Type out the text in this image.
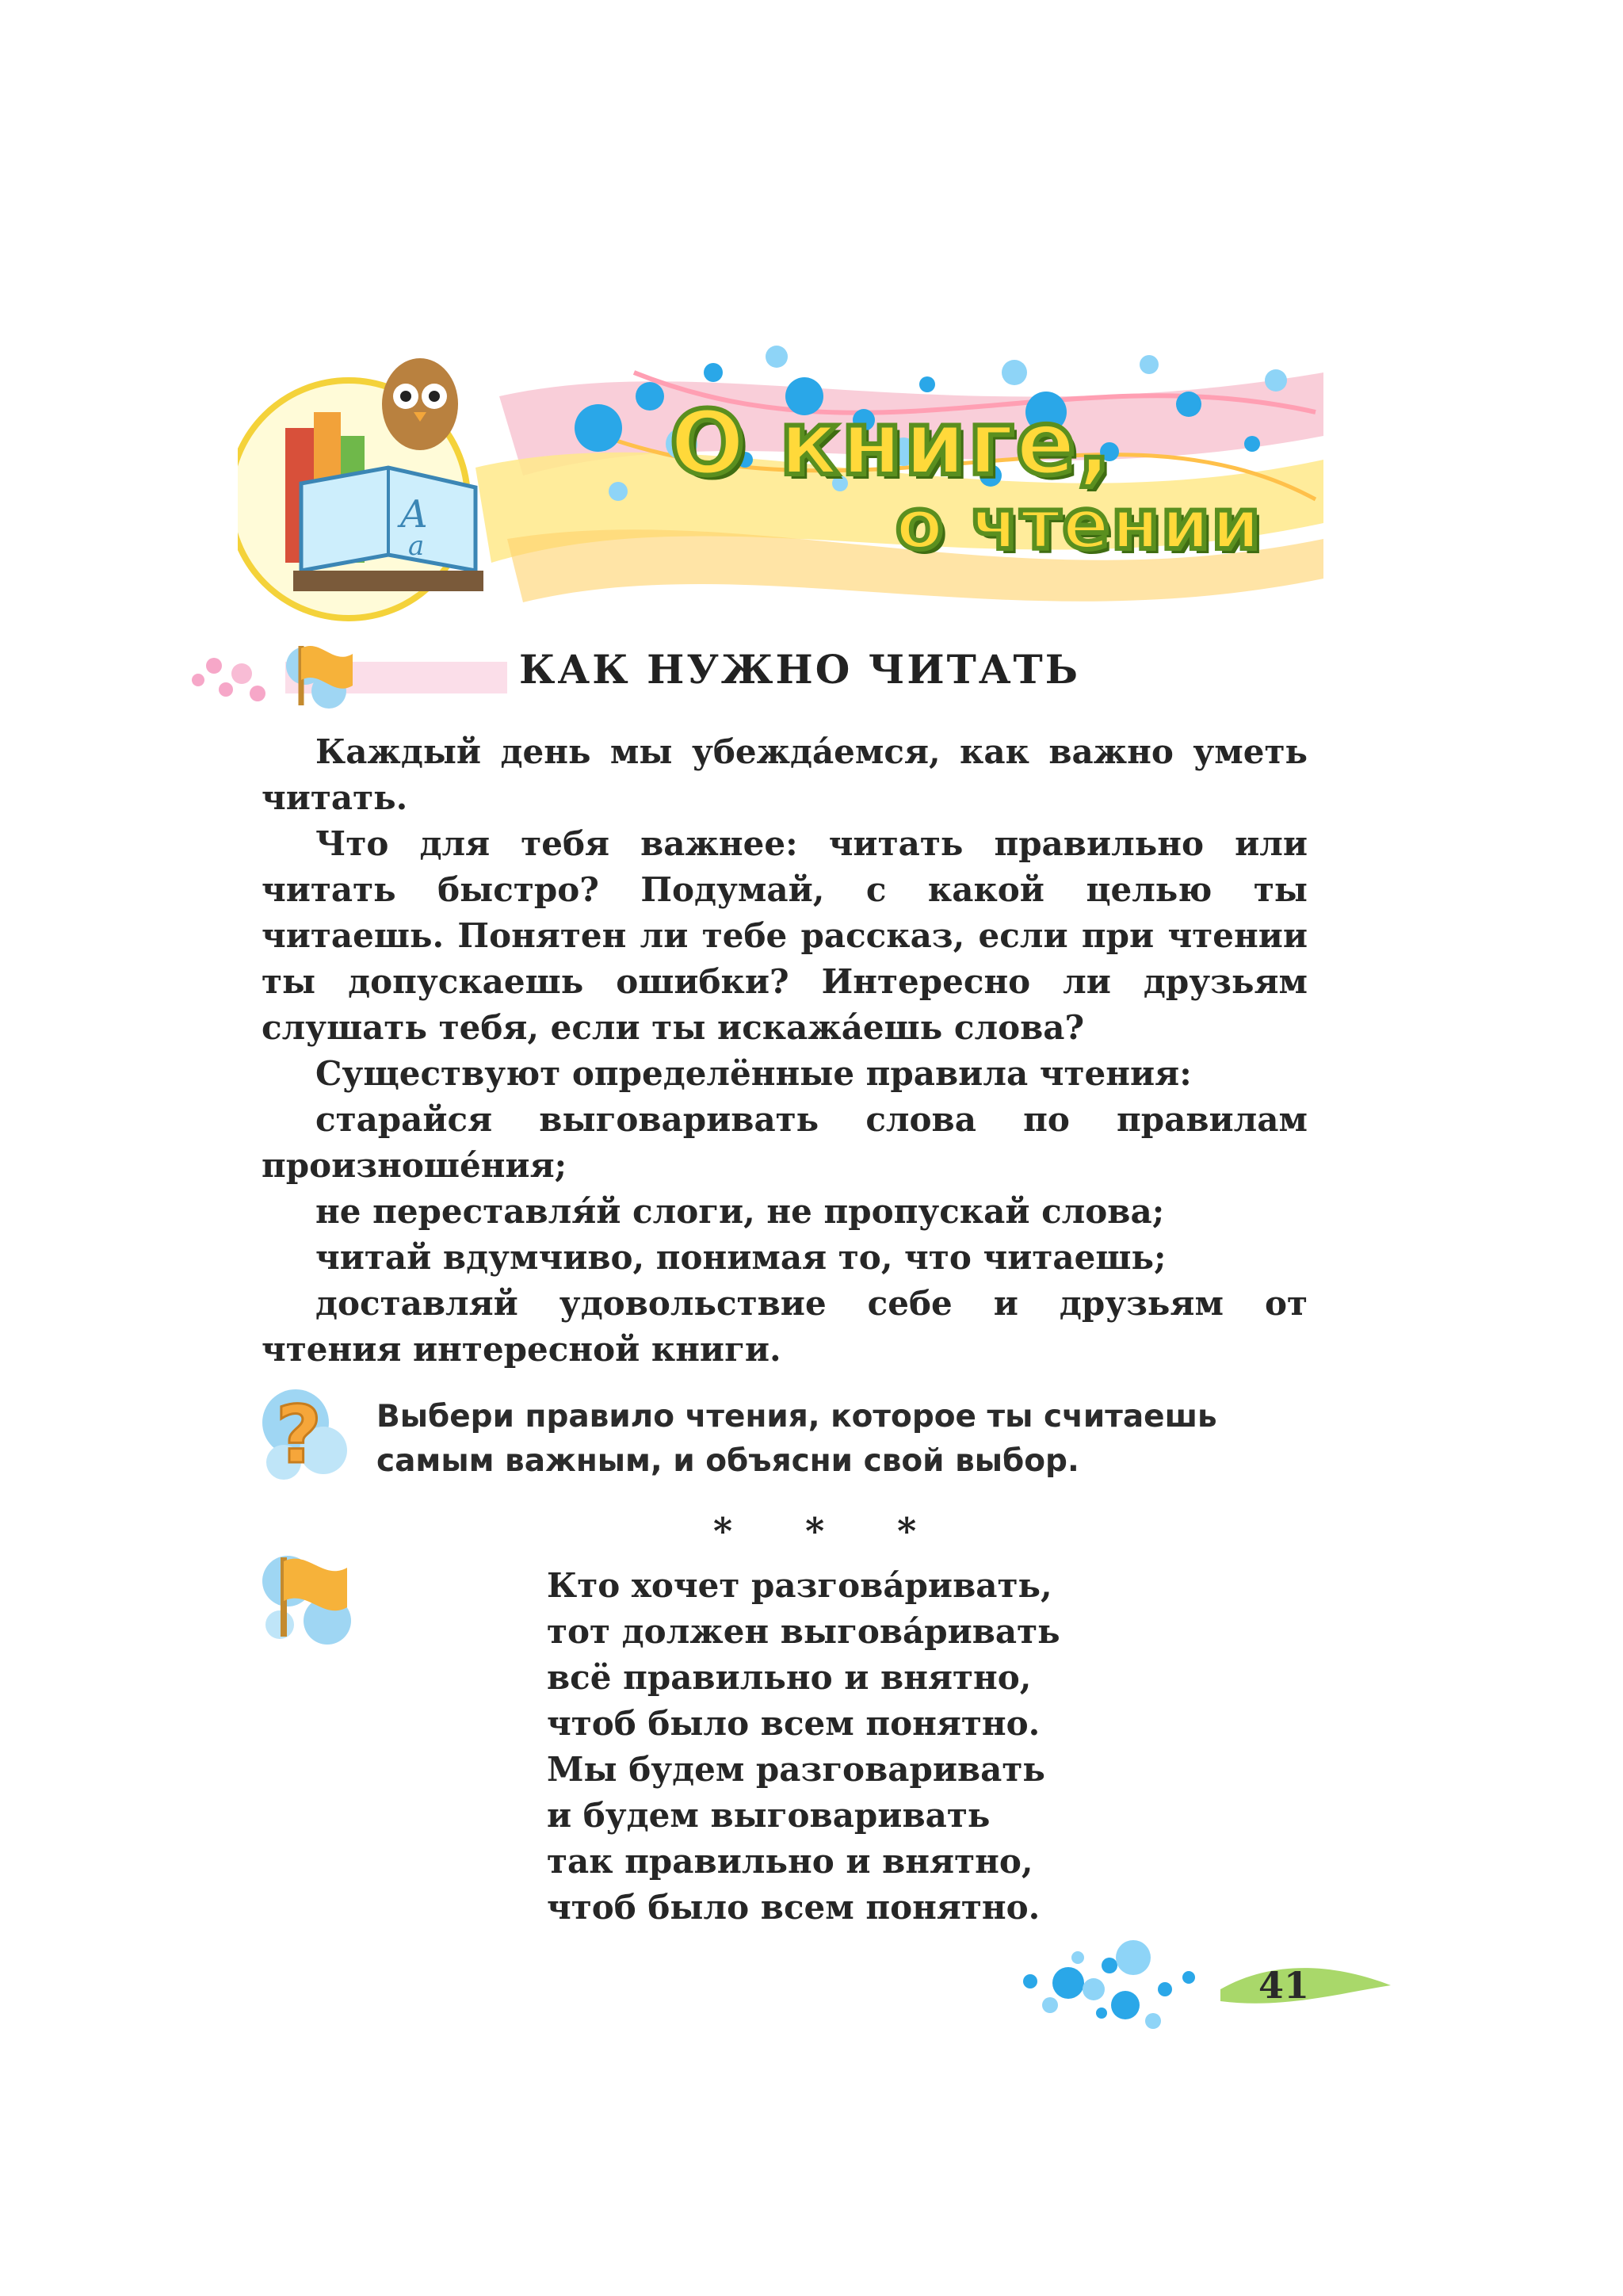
A
a
О книге,
о чтении
КАК НУЖНО ЧИТАТЬ
Каждый день мы убеждáемся, как важно уметь читать.
Что для тебя важнее: читать правильно или читать быстро? Подумай, с какой целью ты читаешь. Понятен ли тебе рассказ, если при чтении ты допускаешь ошибки? Интересно ли друзьям слушать тебя, если ты искажáешь слова?
Существуют определённые правила чтения:
старайся выговаривать слова по правилам произношéния;
не переставля́й слоги, не пропускай слова;
читай вдумчиво, понимая то, что читаешь;
доставляй удовольствие себе и друзьям от чтения интересной книги.
? Выбери правило чтения, которое ты считаешь самым важным, и объясни свой выбор.
* * *
Кто хочет разговáривать,
тот должен выговáривать
всё правильно и внятно,
чтоб было всем понятно.
Мы будем разговаривать
и будем выговаривать
так правильно и внятно,
чтоб было всем понятно.
41
